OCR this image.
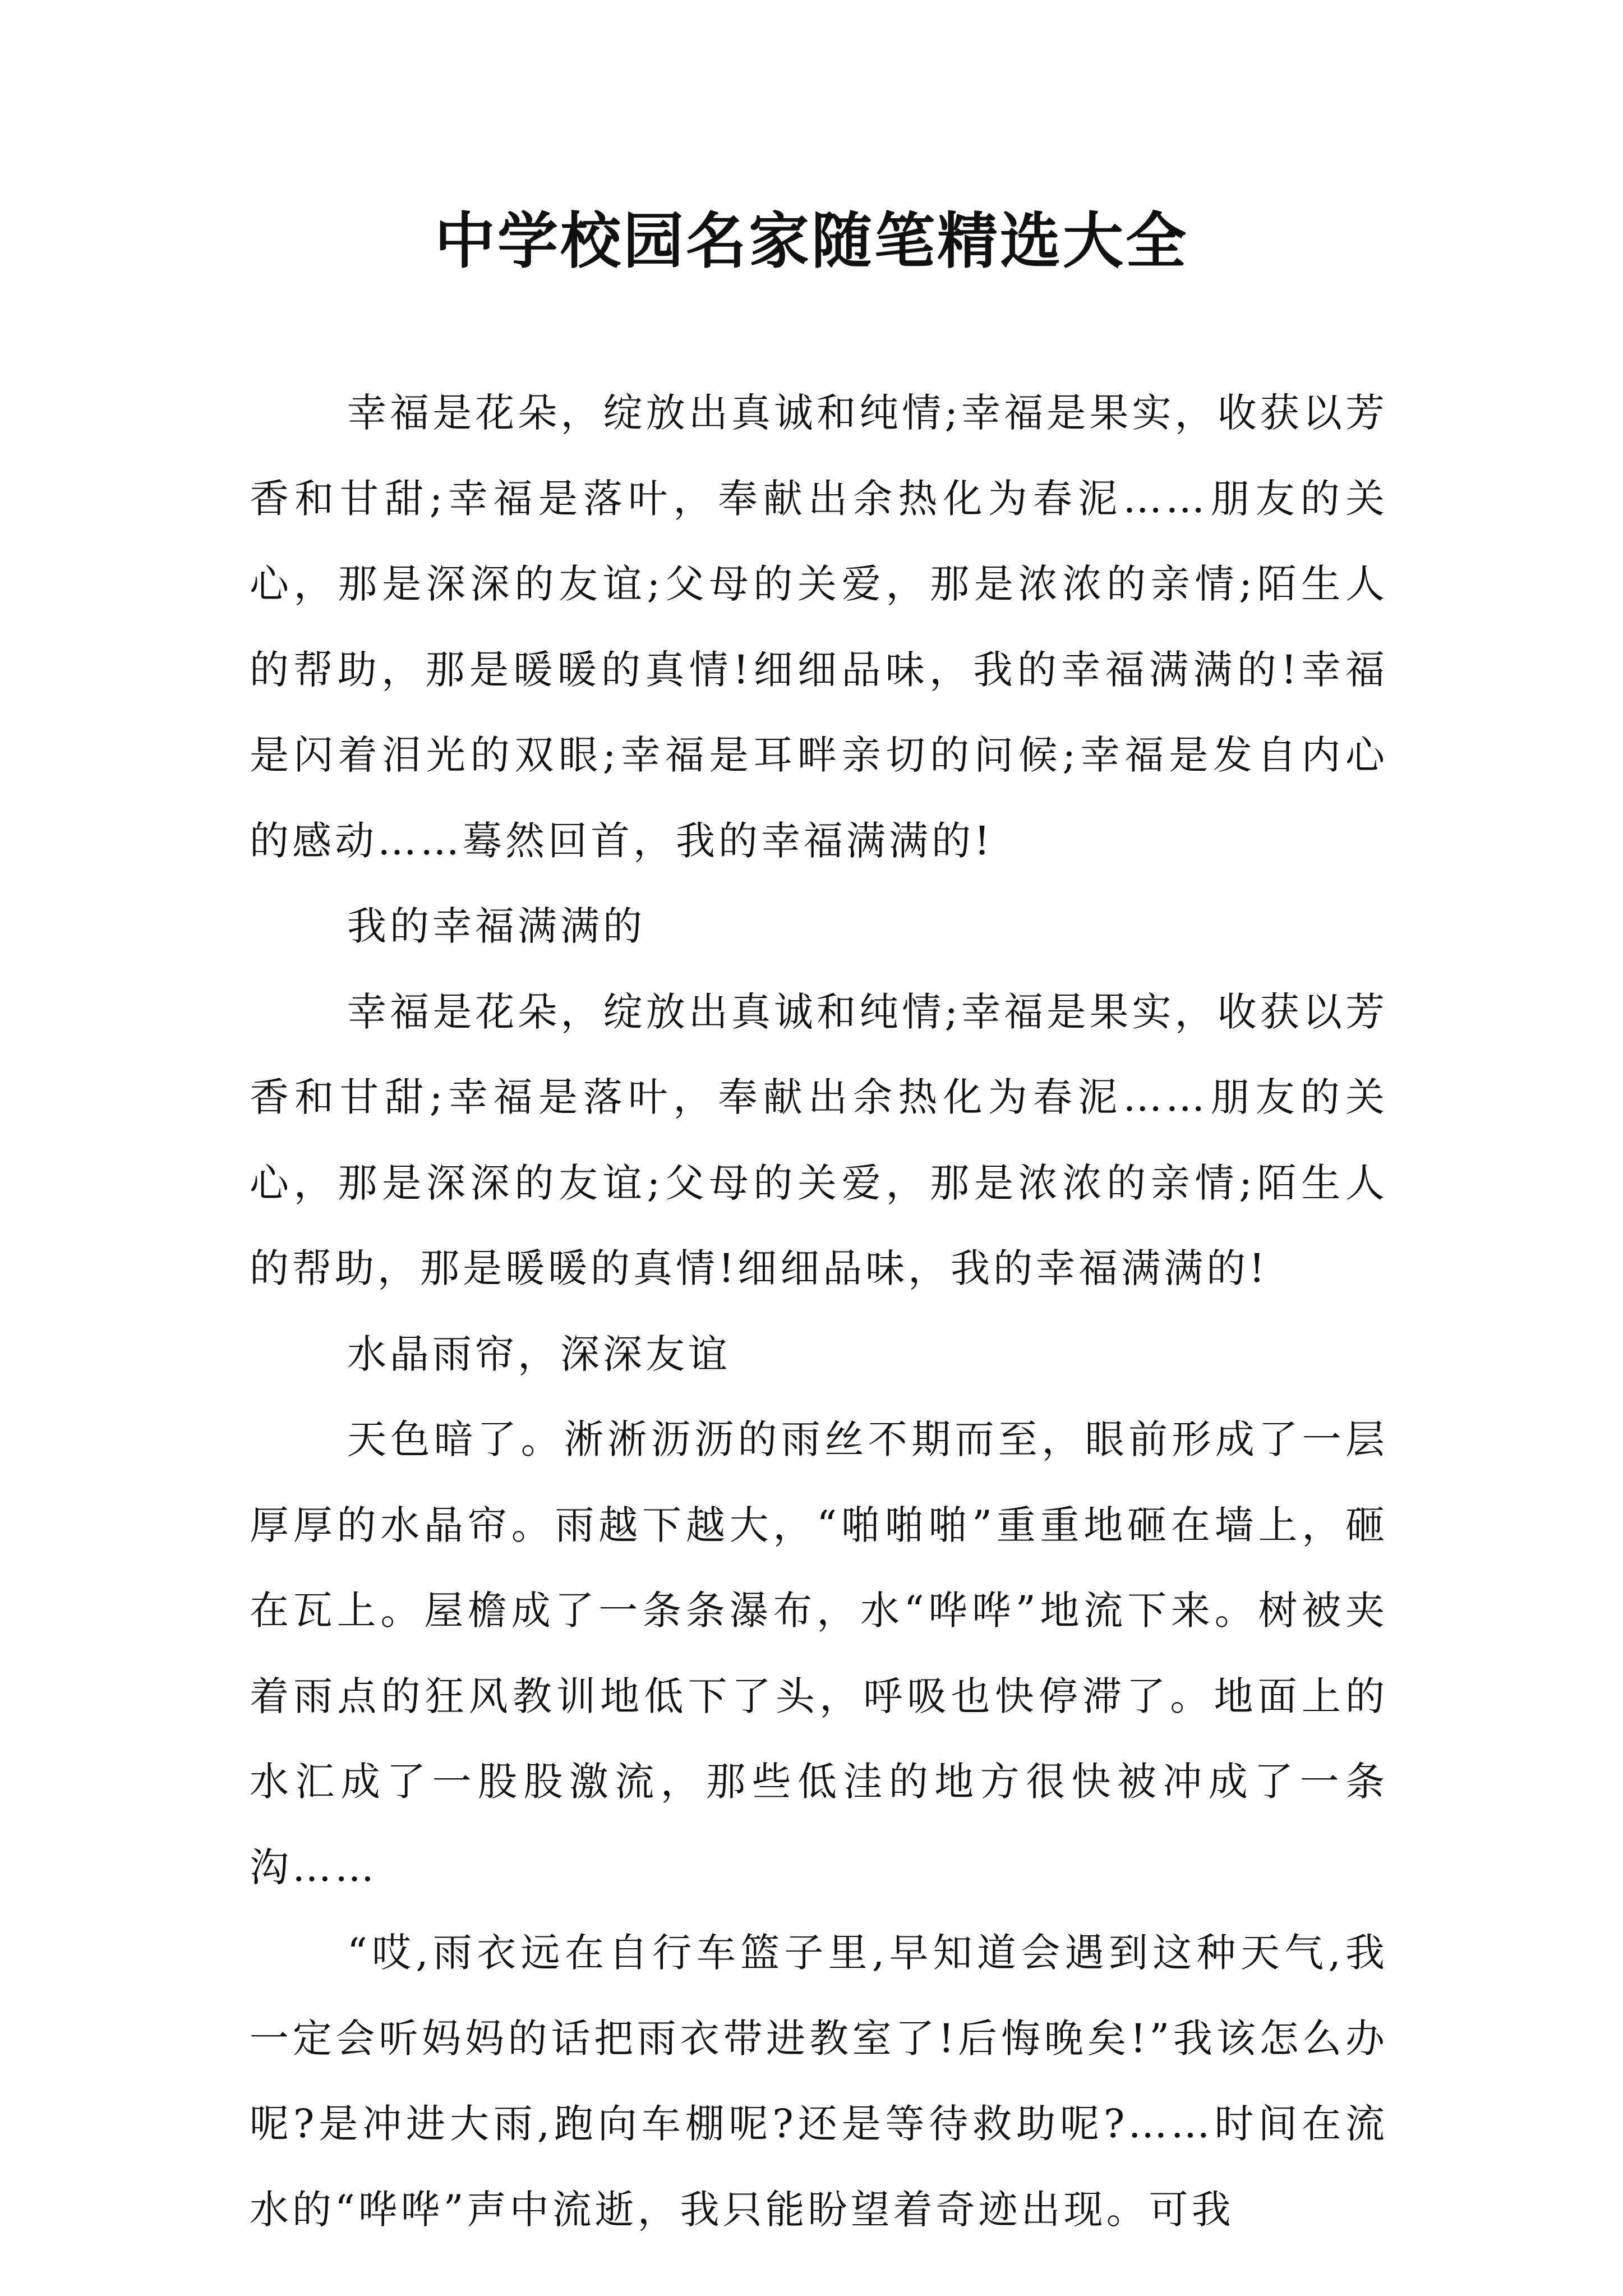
中学校园名家随笔精选大全

幸福是花朵，绽放出真诚和纯情;幸福是果实，收获以芳香和甘甜;幸福是落叶，奉献出余热化为春泥……朋友的关心，那是深深的友谊;父母的关爱，那是浓浓的亲情;陌生人的帮助，那是暖暖的真情!细细品味，我的幸福满满的!幸福是闪着泪光的双眼;幸福是耳畔亲切的问候;幸福是发自内心的感动……蓦然回首，我的幸福满满的!

我的幸福满满的

幸福是花朵，绽放出真诚和纯情;幸福是果实，收获以芳香和甘甜;幸福是落叶，奉献出余热化为春泥……朋友的关心，那是深深的友谊;父母的关爱，那是浓浓的亲情;陌生人的帮助，那是暖暖的真情!细细品味，我的幸福满满的!

水晶雨帘，深深友谊

天色暗了。淅淅沥沥的雨丝不期而至，眼前形成了一层厚厚的水晶帘。雨越下越大，“啪啪啪”重重地砸在墙上，砸在瓦上。屋檐成了一条条瀑布，水“哗哗”地流下来。树被夹着雨点的狂风教训地低下了头，呼吸也快停滞了。地面上的水汇成了一股股激流，那些低洼的地方很快被冲成了一条沟……

“哎,雨衣远在自行车篮子里,早知道会遇到这种天气,我一定会听妈妈的话把雨衣带进教室了!后悔晚矣!”我该怎么办呢?是冲进大雨,跑向车棚呢?还是等待救助呢?……时间在流水的“哗哗”声中流逝，我只能盼望着奇迹出现。可我
